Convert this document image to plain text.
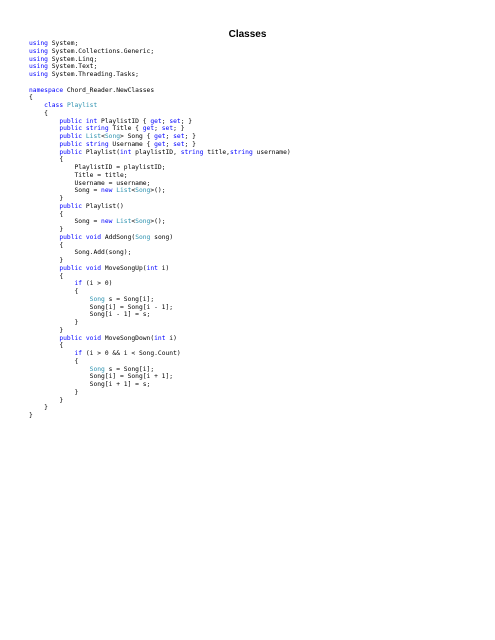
Classes
using System;
using System.Collections.Generic;
using System.Linq;
using System.Text;
using System.Threading.Tasks;
namespace Chord_Reader.NewClasses
{
class Playlist
{
public int PlaylistID { get; set; }
public string Title { get; set; }
public List<Song> Song { get; set; }
public string Username { get; set; }
public Playlist(int playlistID, string title,string username)
{
PlaylistID = playlistID;
Title = title;
Username = username;
Song = new List<Song>();
}
public Playlist()
{
Song = new List<Song>();
}
public void AddSong(Song song)
{
Song.Add(song);
}
public void MoveSongUp(int i)
{
if (i > 0)
{
Song s = Song[i];
Song[i] = Song[i - 1];
Song[i - 1] = s;
}
}
public void MoveSongDown(int i)
{
if (i > 0 && i < Song.Count)
{
Song s = Song[i];
Song[i] = Song[i + 1];
Song[i + 1] = s;
}
}
}
}
